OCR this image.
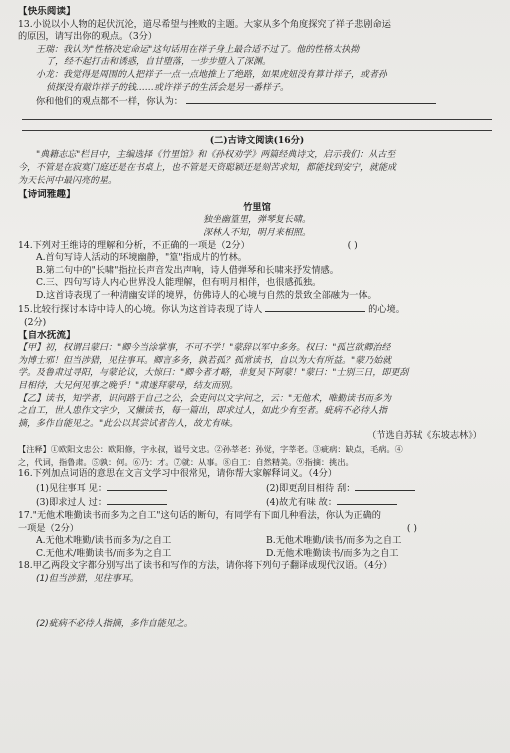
【快乐阅读】
13.小说以小人物的起伏沉沦，道尽希望与挫败的主题。大家从多个角度探究了祥子悲剧命运
的原因，请写出你的观点。（3分）
王瑞：我认为"性格决定命运"这句话用在祥子身上最合适不过了。他的性格太执拗
了，经不起打击和诱惑，自甘堕落，一步步堕入了深渊。
小龙：我觉得是周围的人把祥子一点一点地推上了绝路，如果虎妞没有算计祥子，或者孙
侦探没有敲诈祥子的钱……或许祥子的生活会是另一番样子。
你和他们的观点都不一样，你认为：
(二)古诗文阅读(16分)
"典籍志忘"栏目中，主编选择《竹里馆》和《孙权劝学》两篇经典诗文，启示我们：从古至
今，不管是在寂寞门庭还是在书桌上，也不管是天资聪颖还是刻苦求知，都能找到安宁，就能成
为天长河中最闪亮的星。
【诗词雅趣】
竹里馆
独坐幽篁里，弹琴复长啸。
深林人不知，明月来相照。
14.下列对王维诗的理解和分析，不正确的一项是（2分）	( )
A.首句写诗人活动的环境幽静，"篁"指成片的竹林。
B.第二句中的"长啸"指拉长声音发出声响，诗人借弹琴和长啸来抒发情感。
C.三、四句写诗人内心世界没人能理解，但有明月相伴，也很感孤独。
D.这首诗表现了一种清幽安详的境界，仿佛诗人的心境与自然的景致全部融为一体。
15.比较行探讨本诗中诗人的心境。你认为这首诗表现了诗人	的心境。
(2分)
【自水抚流】
【甲】初，权谓吕蒙曰："卿今当涂掌事，不可不学！"蒙辞以军中多务。权曰："孤岂欲卿治经
为博士邪！但当涉猎，见往事耳。卿言多务，孰若孤？孤常读书，自以为大有所益。"蒙乃始就
学。及鲁肃过寻阳，与蒙论议，大惊曰："卿今者才略，非复吴下阿蒙！"蒙曰："士别三日，即更刮
目相待，大兄何见事之晚乎！"肃遂拜蒙母，结友而别。
【乙】读书，知学者，识问路于自己之公，会吏问以文字问之，云："无他术，唯勤读书而多为
之自工，世人患作文字少，又懒读书，每一篇出，即求过人，如此少有至者。疵病不必待人指
摘，多作自能见之。"此公以其尝试者告人，故尤有味。
（节选自苏轼《东坡志林》）
【注释】①欧阳文忠公：欧阳修，字永叔，谥号文忠。②孙莘老：孙觉，字莘老。③疵病：缺点，毛病。④
之，代词，指鲁肃。⑤孰：何。⑥乃：才。⑦就：从事。⑧自工：自然精美。⑨指摘：挑出。
16.下列加点词语的意思在文言文学习中很常见，请你帮大家解释词义。（4分）
(1)见往事耳 见：	(2)即更刮目相待 刮：
(3)即求过人 过：	(4)故尤有味 故：
17."无他术唯勤读书而多为之自工"这句话的断句，有同学有下面几种看法，你认为正确的
一项是（2分）	( )
A.无他术唯勤/读书而多为/之自工	B.无他术唯勤/读书/而多为之自工
C.无他术/唯勤读书/而多为之自工	D.无他术唯勤读书/而多为之自工
18.甲乙两段文字都分别写出了读书和写作的方法，请你将下列句子翻译成现代汉语。（4分）
(1)但当涉猎，见往事耳。
(2)疵病不必待人指摘，多作自能见之。
